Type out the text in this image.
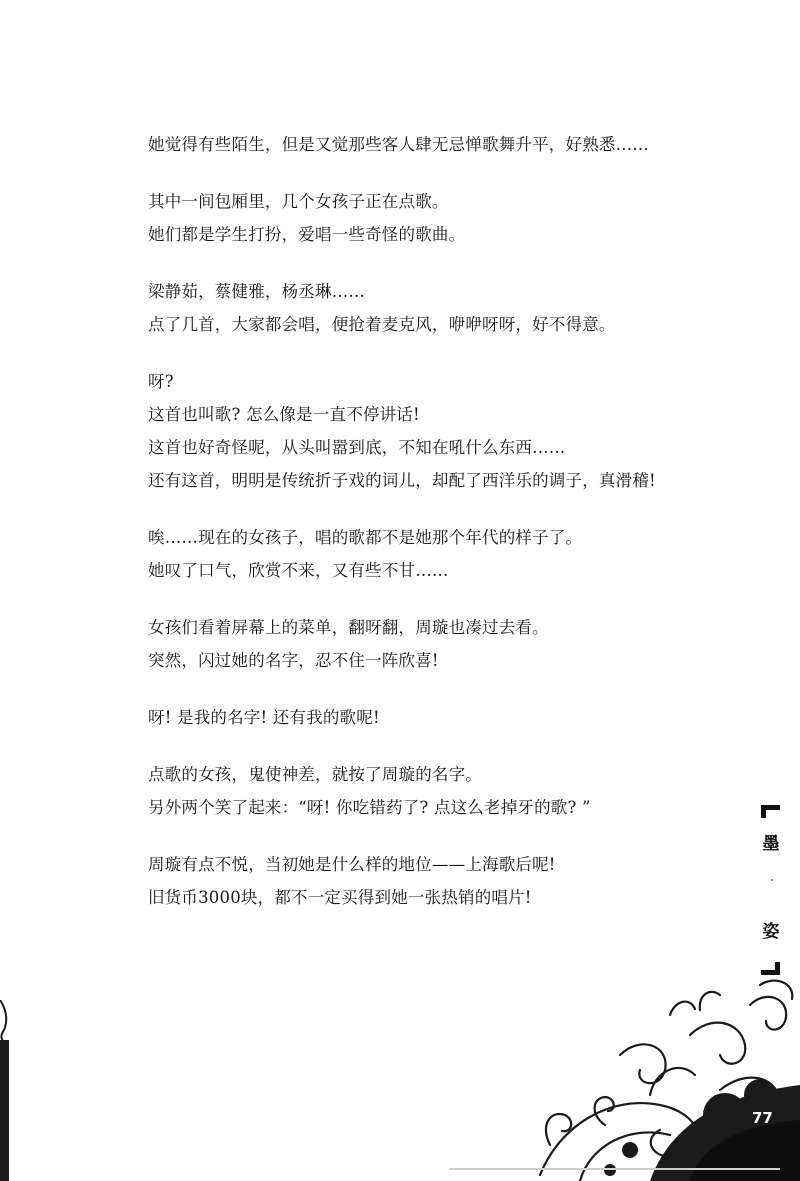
她觉得有些陌生，但是又觉那些客人肆无忌惮歌舞升平，好熟悉……
其中一间包厢里，几个女孩子正在点歌。
她们都是学生打扮，爱唱一些奇怪的歌曲。
梁静茹，蔡健雅，杨丞琳……
点了几首，大家都会唱，便抢着麦克风，咿咿呀呀，好不得意。
呀?
这首也叫歌? 怎么像是一直不停讲话!
这首也好奇怪呢，从头叫嚣到底，不知在吼什么东西……
还有这首，明明是传统折子戏的词儿，却配了西洋乐的调子，真滑稽!
唉……现在的女孩子，唱的歌都不是她那个年代的样子了。
她叹了口气，欣赏不来，又有些不甘……
女孩们看着屏幕上的菜单，翻呀翻，周璇也凑过去看。
突然，闪过她的名字，忍不住一阵欣喜!
呀! 是我的名字! 还有我的歌呢!
点歌的女孩，鬼使神差，就按了周璇的名字。
另外两个笑了起来：“呀! 你吃错药了? 点这么老掉牙的歌? ”
周璇有点不悦，当初她是什么样的地位——上海歌后呢!
旧货币3000块，都不一定买得到她一张热销的唱片!
墨
姿
77
